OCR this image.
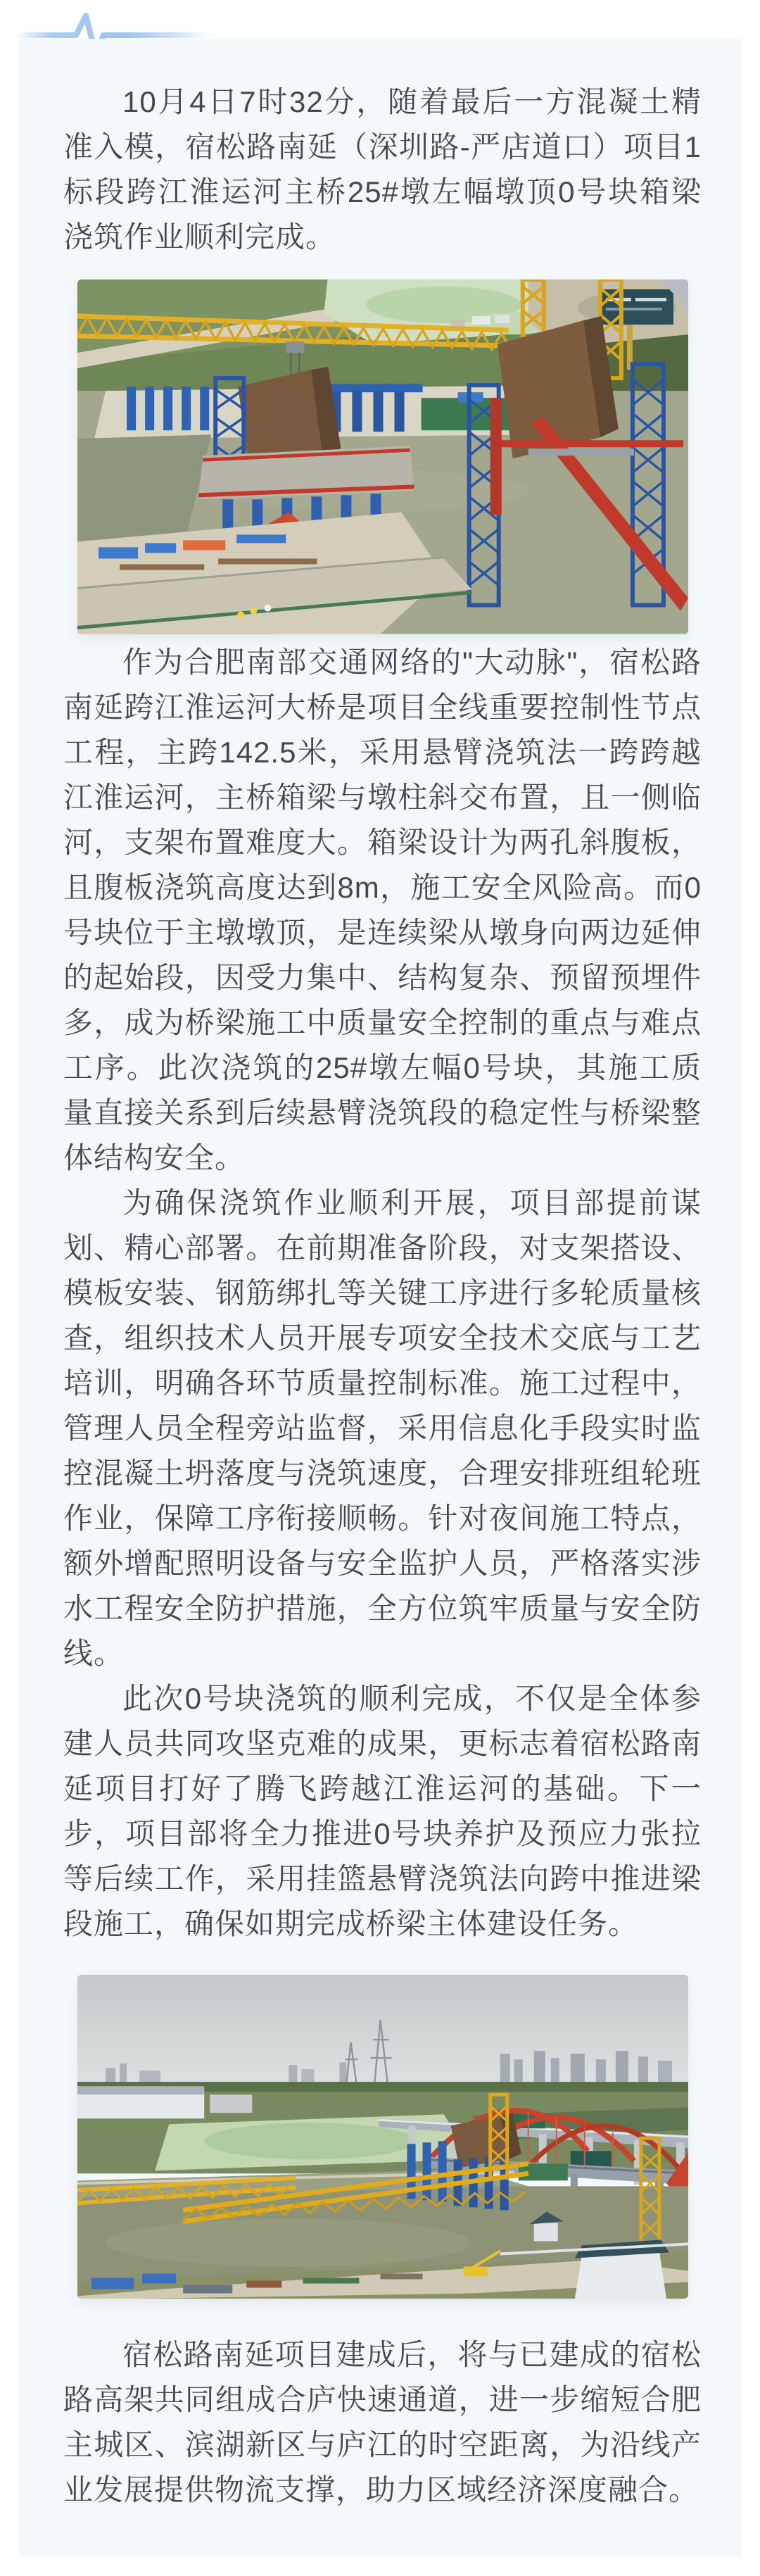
10月4日7时32分，随着最后一方混凝土精准入模，宿松路南延（深圳路-严店道口）项目1标段跨江淮运河主桥25#墩左幅墩顶0号块箱梁浇筑作业顺利完成。

作为合肥南部交通网络的"大动脉"，宿松路南延跨江淮运河大桥是项目全线重要控制性节点工程，主跨142.5米，采用悬臂浇筑法一跨跨越江淮运河，主桥箱梁与墩柱斜交布置，且一侧临河，支架布置难度大。箱梁设计为两孔斜腹板，且腹板浇筑高度达到8m，施工安全风险高。而0号块位于主墩墩顶，是连续梁从墩身向两边延伸的起始段，因受力集中、结构复杂、预留预埋件多，成为桥梁施工中质量安全控制的重点与难点工序。此次浇筑的25#墩左幅0号块，其施工质量直接关系到后续悬臂浇筑段的稳定性与桥梁整体结构安全。

为确保浇筑作业顺利开展，项目部提前谋划、精心部署。在前期准备阶段，对支架搭设、模板安装、钢筋绑扎等关键工序进行多轮质量核查，组织技术人员开展专项安全技术交底与工艺培训，明确各环节质量控制标准。施工过程中，管理人员全程旁站监督，采用信息化手段实时监控混凝土坍落度与浇筑速度，合理安排班组轮班作业，保障工序衔接顺畅。针对夜间施工特点，额外增配照明设备与安全监护人员，严格落实涉水工程安全防护措施，全方位筑牢质量与安全防线。

此次0号块浇筑的顺利完成，不仅是全体参建人员共同攻坚克难的成果，更标志着宿松路南延项目打好了腾飞跨越江淮运河的基础。下一步，项目部将全力推进0号块养护及预应力张拉等后续工作，采用挂篮悬臂浇筑法向跨中推进梁段施工，确保如期完成桥梁主体建设任务。

宿松路南延项目建成后，将与已建成的宿松路高架共同组成合庐快速通道，进一步缩短合肥主城区、滨湖新区与庐江的时空距离，为沿线产业发展提供物流支撑，助力区域经济深度融合。
